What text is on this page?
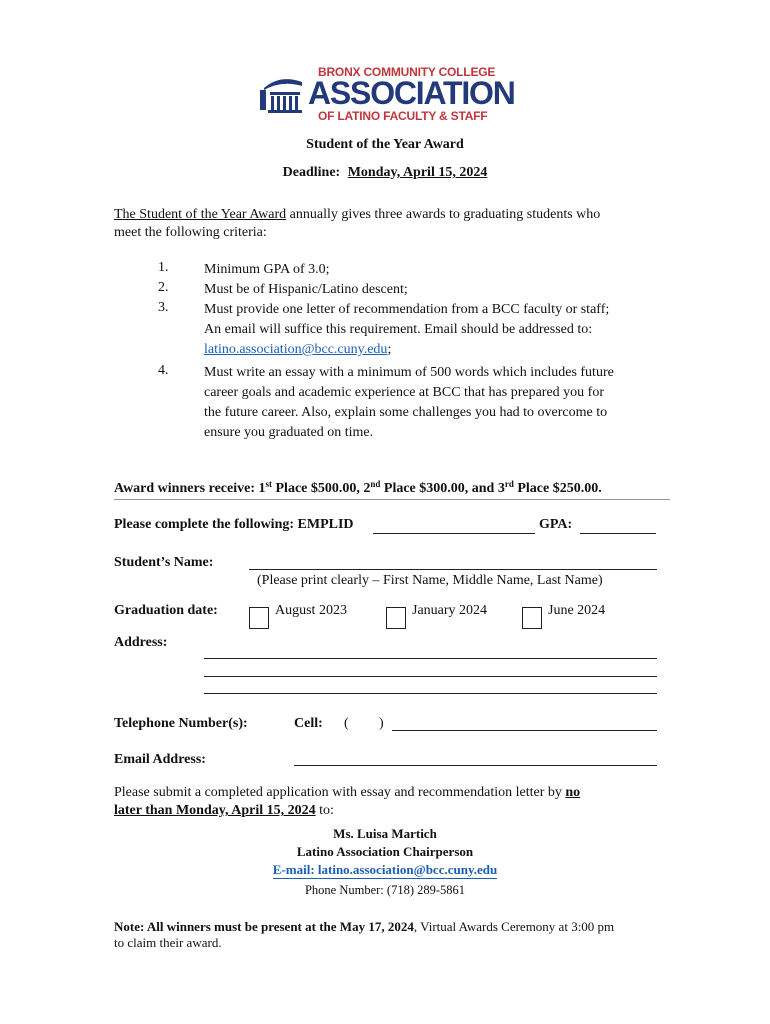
BRONX COMMUNITY COLLEGE
ASSOCIATION
OF LATINO FACULTY & STAFF
Student of the Year Award
Deadline: Monday, April 15, 2024
The Student of the Year Award annually gives three awards to graduating students who
meet the following criteria:
1.	Minimum GPA of 3.0;
2.	Must be of Hispanic/Latino descent;
3.	Must provide one letter of recommendation from a BCC faculty or staff;
An email will suffice this requirement. Email should be addressed to:
latino.association@bcc.cuny.edu;
4.	Must write an essay with a minimum of 500 words which includes future
career goals and academic experience at BCC that has prepared you for
the future career. Also, explain some challenges you had to overcome to
ensure you graduated on time.
Award winners receive: 1st Place $500.00, 2nd Place $300.00, and 3rd Place $250.00.
Please complete the following: EMPLID	GPA:
Student’s Name:
(Please print clearly – First Name, Middle Name, Last Name)
Graduation date:	August 2023	January 2024	June 2024
Address:
Telephone Number(s):	Cell: ( )
Email Address:
Please submit a completed application with essay and recommendation letter by no
later than Monday, April 15, 2024 to:
Ms. Luisa Martich
Latino Association Chairperson
E-mail: latino.association@bcc.cuny.edu
Phone Number: (718) 289-5861
Note: All winners must be present at the May 17, 2024, Virtual Awards Ceremony at 3:00 pm
to claim their award.
